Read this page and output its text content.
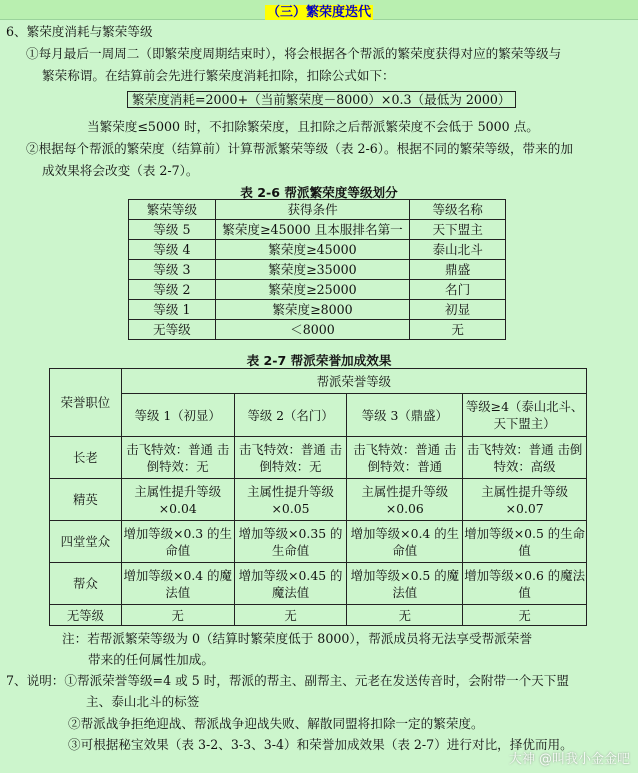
（三）繁荣度迭代
6、繁荣度消耗与繁荣等级
①每月最后一周周二（即繁荣度周期结束时），将会根据各个帮派的繁荣度获得对应的繁荣等级与
繁荣称谓。在结算前会先进行繁荣度消耗扣除，扣除公式如下：
繁荣度消耗=2000+（当前繁荣度－8000）×0.3（最低为 2000）
当繁荣度≤5000 时，不扣除繁荣度，且扣除之后帮派繁荣度不会低于 5000 点。
②根据每个帮派的繁荣度（结算前）计算帮派繁荣等级（表 2-6）。根据不同的繁荣等级，带来的加
成效果将会改变（表 2-7）。
表 2-6 帮派繁荣度等级划分
繁荣等级	获得条件	等级名称
等级 5	繁荣度≥45000 且本服排名第一	天下盟主
等级 4	繁荣度≥45000	泰山北斗
等级 3	繁荣度≥35000	鼎盛
等级 2	繁荣度≥25000	名门
等级 1	繁荣度≥8000	初显
无等级	＜8000	无
表 2-7 帮派荣誉加成效果
荣誉职位	帮派荣誉等级			
	等级 1（初显）	等级 2（名门）	等级 3（鼎盛）	等级≥4（泰山北斗、天下盟主）
长老	击飞特效：普通 击倒特效：无	击飞特效：普通 击倒特效：无	击飞特效：普通 击倒特效：普通	击飞特效：普通 击倒特效：高级
精英	主属性提升等级×0.04	主属性提升等级×0.05	主属性提升等级×0.06	主属性提升等级×0.07
四堂堂众	增加等级×0.3 的生命值	增加等级×0.35 的生命值	增加等级×0.4 的生命值	增加等级×0.5 的生命值
帮众	增加等级×0.4 的魔法值	增加等级×0.45 的魔法值	增加等级×0.5 的魔法值	增加等级×0.6 的魔法值
无等级	无	无	无	无
注：若帮派繁荣等级为 0（结算时繁荣度低于 8000），帮派成员将无法享受帮派荣誉
带来的任何属性加成。
7、说明：①帮派荣誉等级=4 或 5 时，帮派的帮主、副帮主、元老在发送传音时，会附带一个天下盟
主、泰山北斗的标签
②帮派战争拒绝迎战、帮派战争迎战失败、解散同盟将扣除一定的繁荣度。
③可根据秘宝效果（表 3-2、3-3、3-4）和荣誉加成效果（表 2-7）进行对比，择优而用。
大神 @叫我小金金吧
